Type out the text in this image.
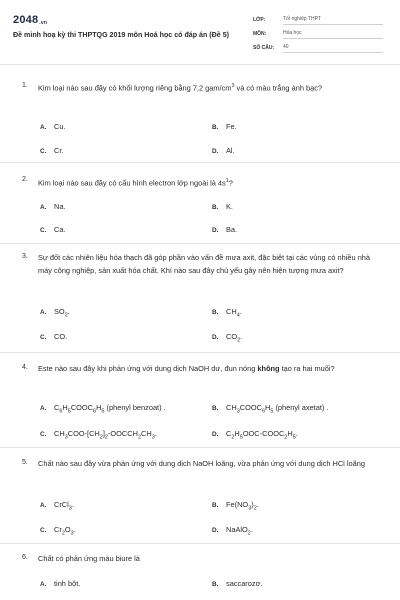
2048.vn
Đề minh hoạ kỳ thi THPTQG 2019 môn Hoá học có đáp án (Đề 5)
LỚP:	Tốt nghiệp THPT
MÔN:	Hóa học
SỐ CÂU: 40
1. Kim loại nào sau đây có khối lượng riêng bằng 7,2 gam/$cm^3$ và có màu trắng ánh bạc?
A. Cu.	B. Fe.
C. Cr.	D. Al.
2. Kim loại nào sau đây có cấu hình electron lớp ngoài là $4s^1$?
A. Na.	B. K.
C. Ca.	D. Ba.
3. Sự đốt các nhiên liệu hóa thạch đã góp phần vào vấn đề mưa axit, đặc biệt tại các vùng có nhiều nhà máy công nghiệp, sản xuất hóa chất. Khí nào sau đây chủ yếu gây nên hiện tượng mưa axit?
A. $SO_2$.	B. $CH_4$.
C. CO.	D. $CO_2$.
4. Este nào sau đây khi phản ứng với dung dịch NaOH dư, đun nóng không tạo ra hai muối?
A. $C_6H_5COOC_6H_5$ (phenyl benzoat) .	B. $CH_3COOC_6H_5$ (phenyl axetat) .
C. $CH_3COO-[CH_2]_2-OOCCH_2CH_3$.	D. $C_2H_5OOC-COOC_2H_5$.
5. Chất nào sau đây vừa phản ứng với dung dịch NaOH loãng, vừa phản ứng với dung dịch HCl loãng
A. CrCl$_3$.	B. $Fe(NO_3)_2$.
C. $Cr_2O_3$.	D. NaAlO$_2$.
6. Chất có phản ứng màu biure là
A. tinh bột.	B. saccarozơ.
